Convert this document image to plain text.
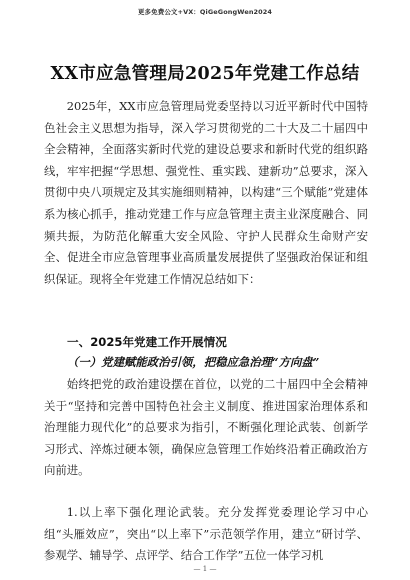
更多免费公文+VX：QiGeGongWen2024
XX市应急管理局2025年党建工作总结

2025年，XX市应急管理局党委坚持以习近平新时代中国特色社会主义思想为指导，深入学习贯彻党的二十大及二十届四中全会精神，全面落实新时代党的建设总要求和新时代党的组织路线，牢牢把握“学思想、强党性、重实践、建新功”总要求，深入贯彻中央八项规定及其实施细则精神，以构建“三个赋能”党建体系为核心抓手，推动党建工作与应急管理主责主业深度融合、同频共振，为防范化解重大安全风险、守护人民群众生命财产安全、促进全市应急管理事业高质量发展提供了坚强政治保证和组织保证。现将全年党建工作情况总结如下：

一、2025年党建工作开展情况

（一）党建赋能政治引领，把稳应急治理“方向盘”

始终把党的政治建设摆在首位，以党的二十届四中全会精神关于“坚持和完善中国特色社会主义制度、推进国家治理体系和治理能力现代化”的总要求为指引，不断强化理论武装、创新学习形式、淬炼过硬本领，确保应急管理工作始终沿着正确政治方向前进。

1.以上率下强化理论武装。充分发挥党委理论学习中心组“头雁效应”，突出“以上率下”示范领学作用，建立“研讨学、参观学、辅导学、点评学、结合工作学”五位一体学习机

— 1 —
